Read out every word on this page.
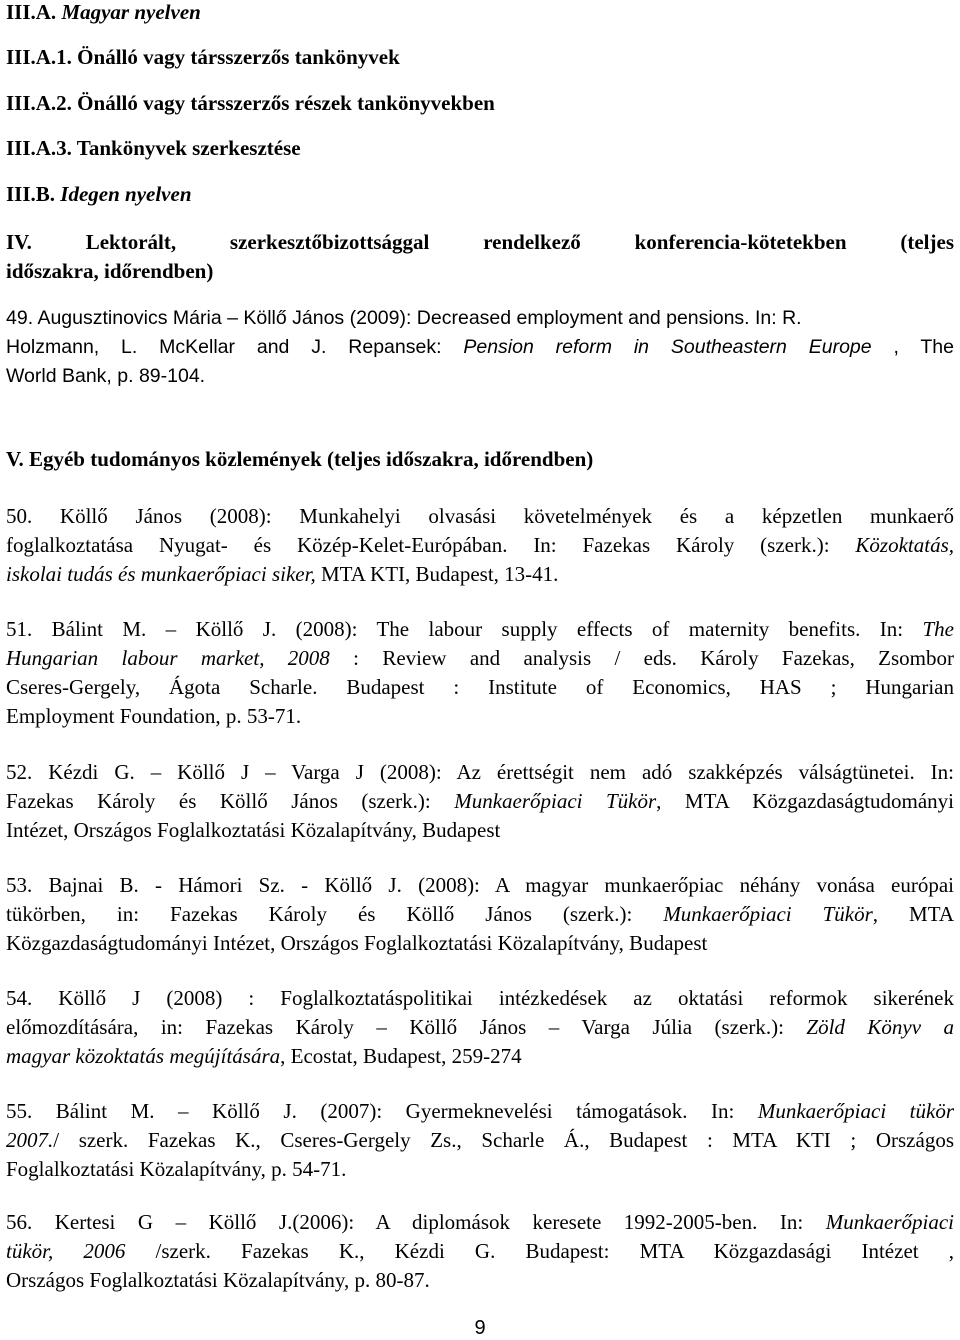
III.A. Magyar nyelven
III.A.1. Önálló vagy társszerzős tankönyvek
III.A.2. Önálló vagy társszerzős részek tankönyvekben
III.A.3. Tankönyvek szerkesztése
III.B. Idegen nyelven
IV. Lektorált, szerkesztőbizottsággal rendelkező konferencia-kötetekben (teljes
időszakra, időrendben)
49. Augusztinovics Mária – Köllő János (2009): Decreased employment and pensions. In: R.
Holzmann, L. McKellar and J. Repansek: Pension reform in Southeastern Europe , The
World Bank, p. 89-104.
V. Egyéb tudományos közlemények (teljes időszakra, időrendben)
50. Köllő János (2008): Munkahelyi olvasási követelmények és a képzetlen munkaerő
foglalkoztatása Nyugat- és Közép-Kelet-Európában. In: Fazekas Károly (szerk.): Közoktatás,
iskolai tudás és munkaerőpiaci siker, MTA KTI, Budapest, 13-41.
51. Bálint M. – Köllő J. (2008): The labour supply effects of maternity benefits. In: The
Hungarian labour market, 2008 : Review and analysis / eds. Károly Fazekas, Zsombor
Cseres-Gergely, Ágota Scharle. Budapest : Institute of Economics, HAS ; Hungarian
Employment Foundation, p. 53-71.
52. Kézdi G. – Köllő J – Varga J (2008): Az érettségit nem adó szakképzés válságtünetei. In:
Fazekas Károly és Köllő János (szerk.): Munkaerőpiaci Tükör, MTA Közgazdaságtudományi
Intézet, Országos Foglalkoztatási Közalapítvány, Budapest
53. Bajnai B. - Hámori Sz. - Köllő J. (2008): A magyar munkaerőpiac néhány vonása európai
tükörben, in: Fazekas Károly és Köllő János (szerk.): Munkaerőpiaci Tükör, MTA
Közgazdaságtudományi Intézet, Országos Foglalkoztatási Közalapítvány, Budapest
54. Köllő J (2008) : Foglalkoztatáspolitikai intézkedések az oktatási reformok sikerének
előmozdítására, in: Fazekas Károly – Köllő János – Varga Júlia (szerk.): Zöld Könyv a
magyar közoktatás megújítására, Ecostat, Budapest, 259-274
55. Bálint M. – Köllő J. (2007): Gyermeknevelési támogatások. In: Munkaerőpiaci tükör
2007./ szerk. Fazekas K., Cseres-Gergely Zs., Scharle Á., Budapest : MTA KTI ; Országos
Foglalkoztatási Közalapítvány, p. 54-71.
56. Kertesi G – Köllő J.(2006): A diplomások keresete 1992-2005-ben. In: Munkaerőpiaci
tükör, 2006 /szerk. Fazekas K., Kézdi G. Budapest: MTA Közgazdasági Intézet ,
Országos Foglalkoztatási Közalapítvány, p. 80-87.
9
